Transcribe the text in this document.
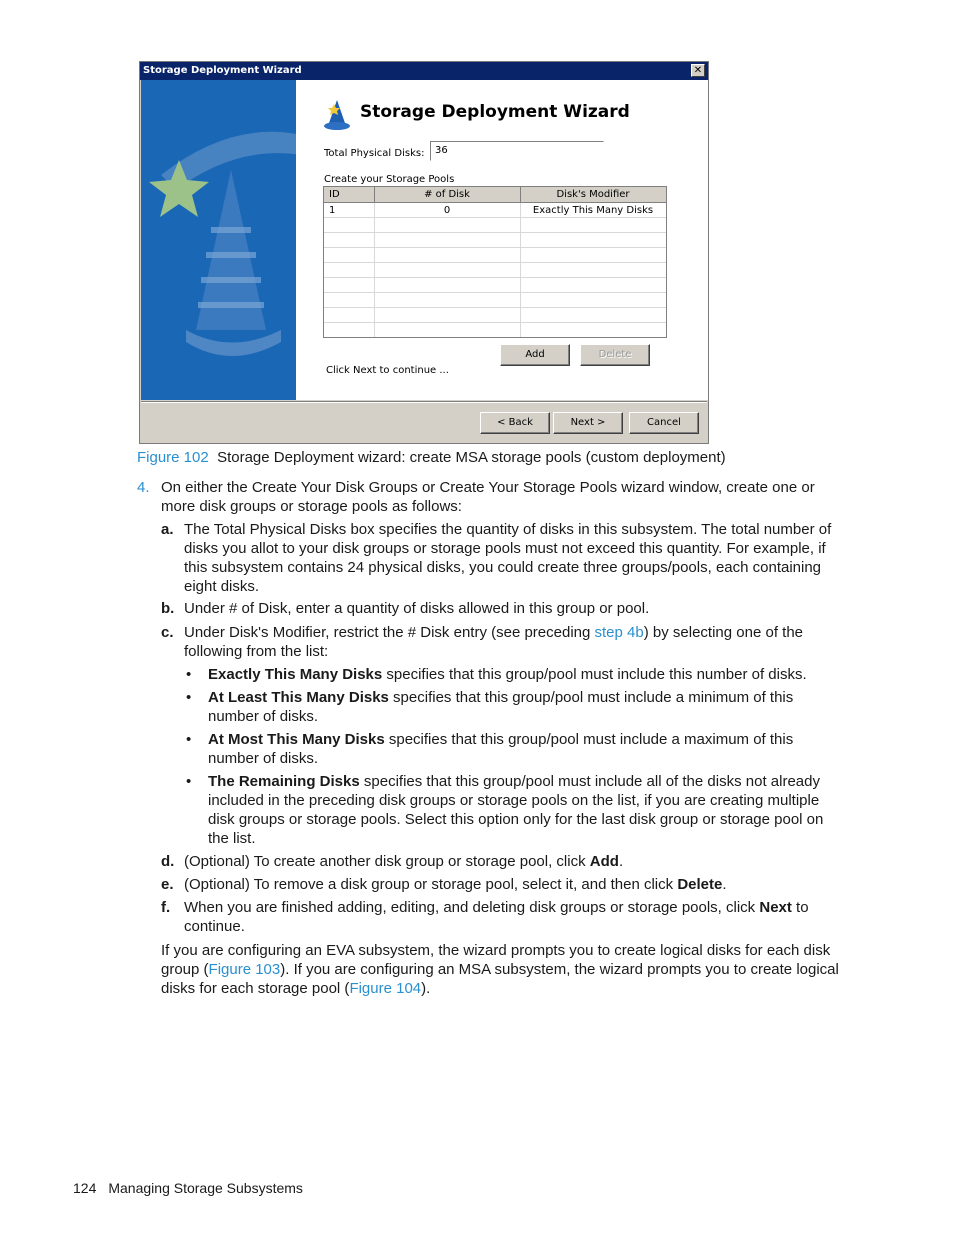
Storage Deployment Wizard	✕
Storage Deployment Wizard
Total Physical Disks:	36
Create your Storage Pools
ID	# of Disk	Disk's Modifier
1	0	Exactly This Many Disks

Add	Delete
Click Next to continue ...
< Back	Next >	Cancel
Figure 102 Storage Deployment wizard: create MSA storage pools (custom deployment)
4. On either the Create Your Disk Groups or Create Your Storage Pools wizard window, create one or more disk groups or storage pools as follows:
a. The Total Physical Disks box specifies the quantity of disks in this subsystem. The total number of disks you allot to your disk groups or storage pools must not exceed this quantity. For example, if this subsystem contains 24 physical disks, you could create three groups/pools, each containing eight disks.
b. Under # of Disk, enter a quantity of disks allowed in this group or pool.
c. Under Disk's Modifier, restrict the # Disk entry (see preceding step 4b) by selecting one of the following from the list:
• Exactly This Many Disks specifies that this group/pool must include this number of disks.
• At Least This Many Disks specifies that this group/pool must include a minimum of this number of disks.
• At Most This Many Disks specifies that this group/pool must include a maximum of this number of disks.
• The Remaining Disks specifies that this group/pool must include all of the disks not already included in the preceding disk groups or storage pools on the list, if you are creating multiple disk groups or storage pools. Select this option only for the last disk group or storage pool on the list.
d. (Optional) To create another disk group or storage pool, click Add.
e. (Optional) To remove a disk group or storage pool, select it, and then click Delete.
f. When you are finished adding, editing, and deleting disk groups or storage pools, click Next to continue.
If you are configuring an EVA subsystem, the wizard prompts you to create logical disks for each disk group (Figure 103). If you are configuring an MSA subsystem, the wizard prompts you to create logical disks for each storage pool (Figure 104).
124 Managing Storage Subsystems
